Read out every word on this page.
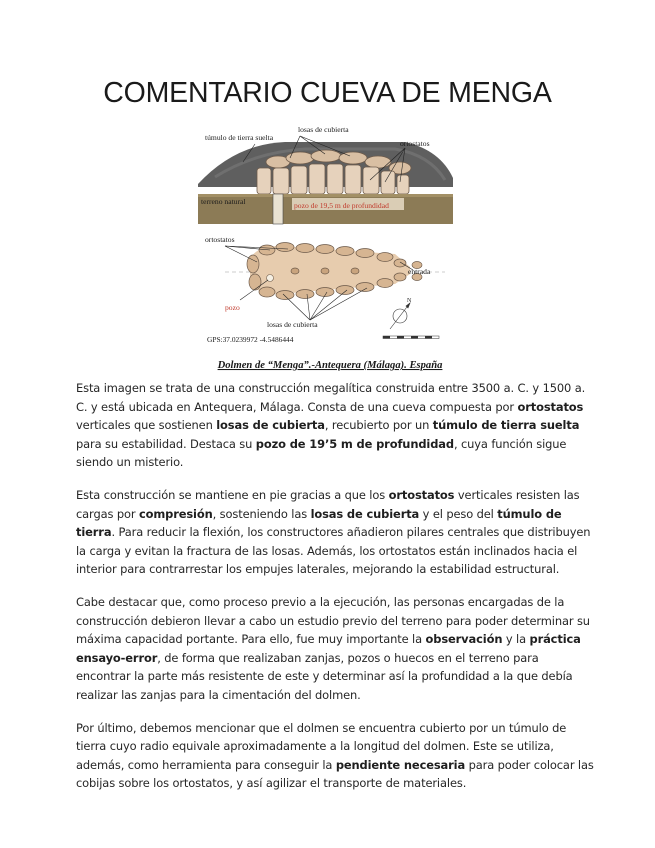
COMENTARIO CUEVA DE MENGA
túmulo de tierra suelta
losas de cubierta
ortostatos
terreno natural	pozo de 19,5 m de profundidad
ortostatos
entrada
pozo
losas de cubierta
N
GPS:37.0239972 -4.5486444
Dolmen de “Menga”.-Antequera (Málaga). España

Esta imagen se trata de una construcción megalítica construida entre 3500 a. C. y 1500 a. C. y está ubicada en Antequera, Málaga. Consta de una cueva compuesta por ortostatos verticales que sostienen losas de cubierta, recubierto por un túmulo de tierra suelta para su estabilidad. Destaca su pozo de 19’5 m de profundidad, cuya función sigue siendo un misterio.

Esta construcción se mantiene en pie gracias a que los ortostatos verticales resisten las cargas por compresión, sosteniendo las losas de cubierta y el peso del túmulo de tierra. Para reducir la flexión, los constructores añadieron pilares centrales que distribuyen la carga y evitan la fractura de las losas. Además, los ortostatos están inclinados hacia el interior para contrarrestar los empujes laterales, mejorando la estabilidad estructural.

Cabe destacar que, como proceso previo a la ejecución, las personas encargadas de la construcción debieron llevar a cabo un estudio previo del terreno para poder determinar su máxima capacidad portante. Para ello, fue muy importante la observación y la práctica ensayo-error, de forma que realizaban zanjas, pozos o huecos en el terreno para encontrar la parte más resistente de este y determinar así la profundidad a la que debía realizar las zanjas para la cimentación del dolmen.

Por último, debemos mencionar que el dolmen se encuentra cubierto por un túmulo de tierra cuyo radio equivale aproximadamente a la longitud del dolmen. Este se utiliza, además, como herramienta para conseguir la pendiente necesaria para poder colocar las cobijas sobre los ortostatos, y así agilizar el transporte de materiales.
